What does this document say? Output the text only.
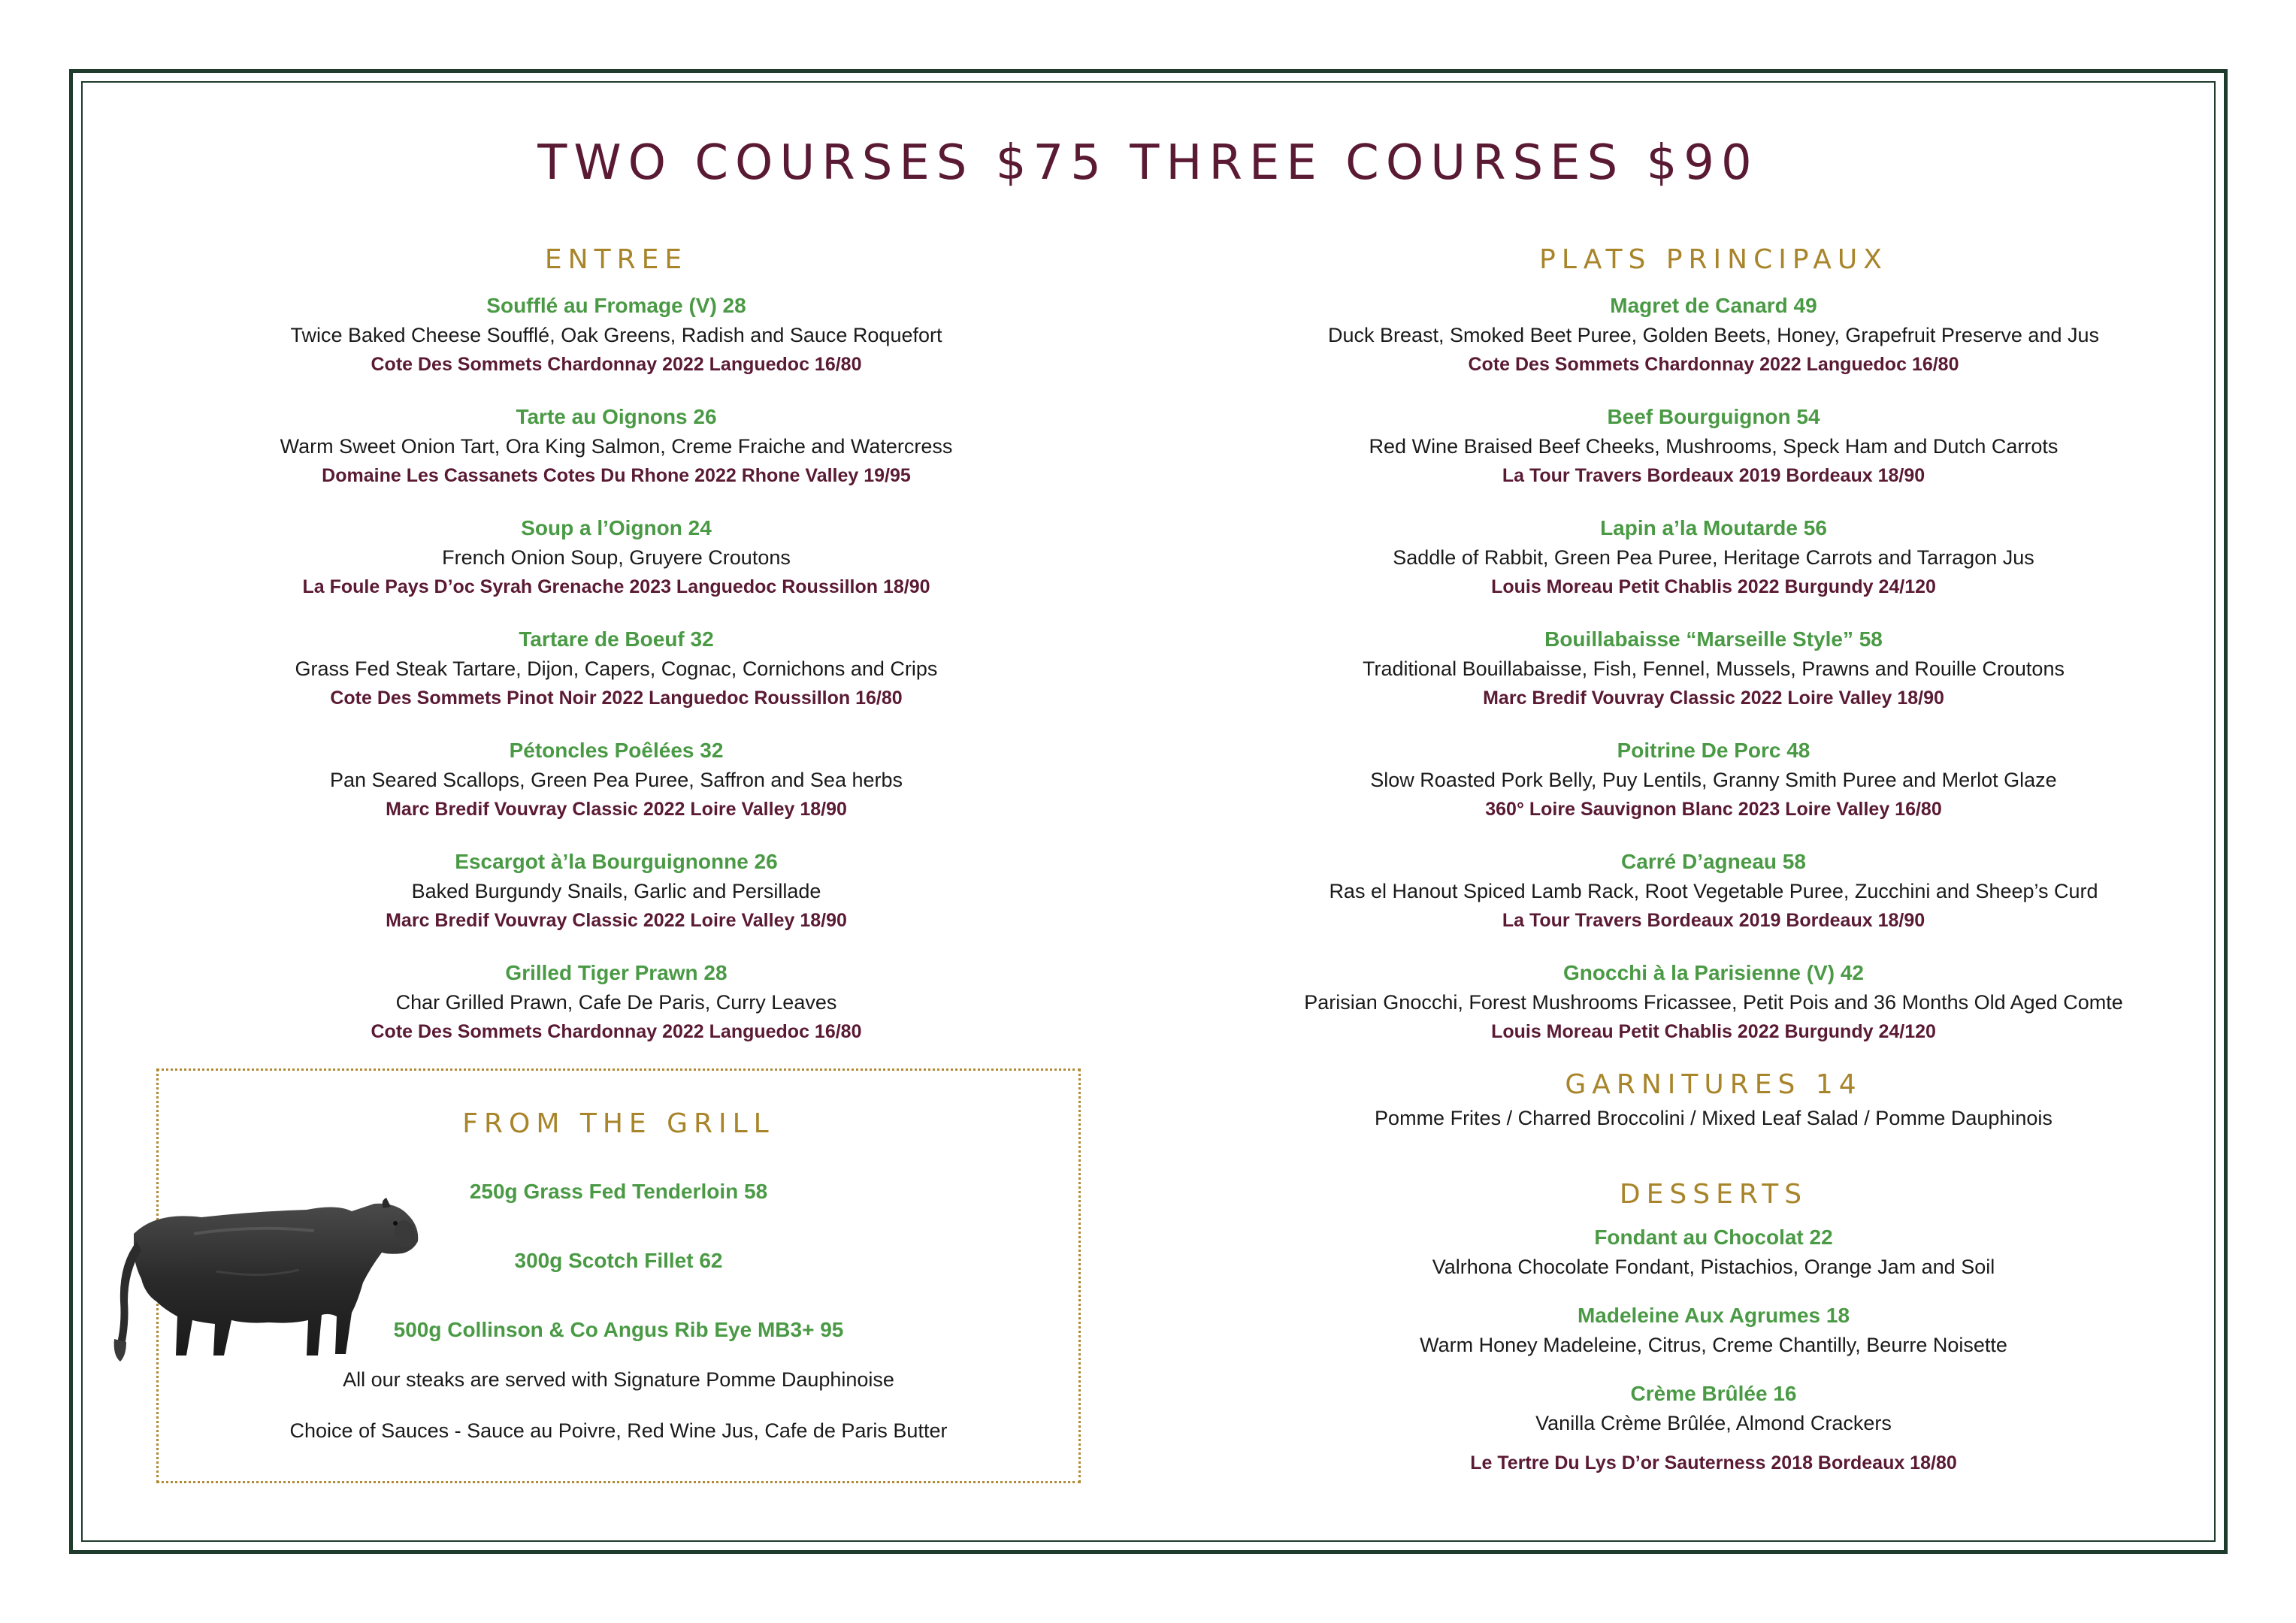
TWO COURSES $75 THREE COURSES $90
ENTREE
Soufflé au Fromage (V) 28
Twice Baked Cheese Soufflé, Oak Greens, Radish and Sauce Roquefort
Cote Des Sommets Chardonnay 2022 Languedoc 16/80
Tarte au Oignons 26
Warm Sweet Onion Tart, Ora King Salmon, Creme Fraiche and Watercress
Domaine Les Cassanets Cotes Du Rhone 2022 Rhone Valley 19/95
Soup a l’Oignon 24
French Onion Soup, Gruyere Croutons
La Foule Pays D’oc Syrah Grenache 2023 Languedoc Roussillon 18/90
Tartare de Boeuf 32
Grass Fed Steak Tartare, Dijon, Capers, Cognac, Cornichons and Crips
Cote Des Sommets Pinot Noir 2022 Languedoc Roussillon 16/80
Pétoncles Poêlées 32
Pan Seared Scallops, Green Pea Puree, Saffron and Sea herbs
Marc Bredif Vouvray Classic 2022 Loire Valley 18/90
Escargot à’la Bourguignonne 26
Baked Burgundy Snails, Garlic and Persillade
Marc Bredif Vouvray Classic 2022 Loire Valley 18/90
Grilled Tiger Prawn 28
Char Grilled Prawn, Cafe De Paris, Curry Leaves
Cote Des Sommets Chardonnay 2022 Languedoc 16/80
PLATS PRINCIPAUX
Magret de Canard 49
Duck Breast, Smoked Beet Puree, Golden Beets, Honey, Grapefruit Preserve and Jus
Cote Des Sommets Chardonnay 2022 Languedoc 16/80
Beef Bourguignon 54
Red Wine Braised Beef Cheeks, Mushrooms, Speck Ham and Dutch Carrots
La Tour Travers Bordeaux 2019 Bordeaux 18/90
Lapin a’la Moutarde 56
Saddle of Rabbit, Green Pea Puree, Heritage Carrots and Tarragon Jus
Louis Moreau Petit Chablis 2022 Burgundy 24/120
Bouillabaisse “Marseille Style” 58
Traditional Bouillabaisse, Fish, Fennel, Mussels, Prawns and Rouille Croutons
Marc Bredif Vouvray Classic 2022 Loire Valley 18/90
Poitrine De Porc 48
Slow Roasted Pork Belly, Puy Lentils, Granny Smith Puree and Merlot Glaze
360° Loire Sauvignon Blanc 2023 Loire Valley 16/80
Carré D’agneau 58
Ras el Hanout Spiced Lamb Rack, Root Vegetable Puree, Zucchini and Sheep’s Curd
La Tour Travers Bordeaux 2019 Bordeaux 18/90
Gnocchi à la Parisienne (V) 42
Parisian Gnocchi, Forest Mushrooms Fricassee, Petit Pois and 36 Months Old Aged Comte
Louis Moreau Petit Chablis 2022 Burgundy 24/120
FROM THE GRILL
250g Grass Fed Tenderloin 58
300g Scotch Fillet 62
500g Collinson & Co Angus Rib Eye MB3+ 95
All our steaks are served with Signature Pomme Dauphinoise
Choice of Sauces - Sauce au Poivre, Red Wine Jus, Cafe de Paris Butter
GARNITURES 14
Pomme Frites / Charred Broccolini / Mixed Leaf Salad / Pomme Dauphinois
DESSERTS
Fondant au Chocolat 22
Valrhona Chocolate Fondant, Pistachios, Orange Jam and Soil
Madeleine Aux Agrumes 18
Warm Honey Madeleine, Citrus, Creme Chantilly, Beurre Noisette
Crème Brûlée 16
Vanilla Crème Brûlée, Almond Crackers
Le Tertre Du Lys D’or Sauterness 2018 Bordeaux 18/80
